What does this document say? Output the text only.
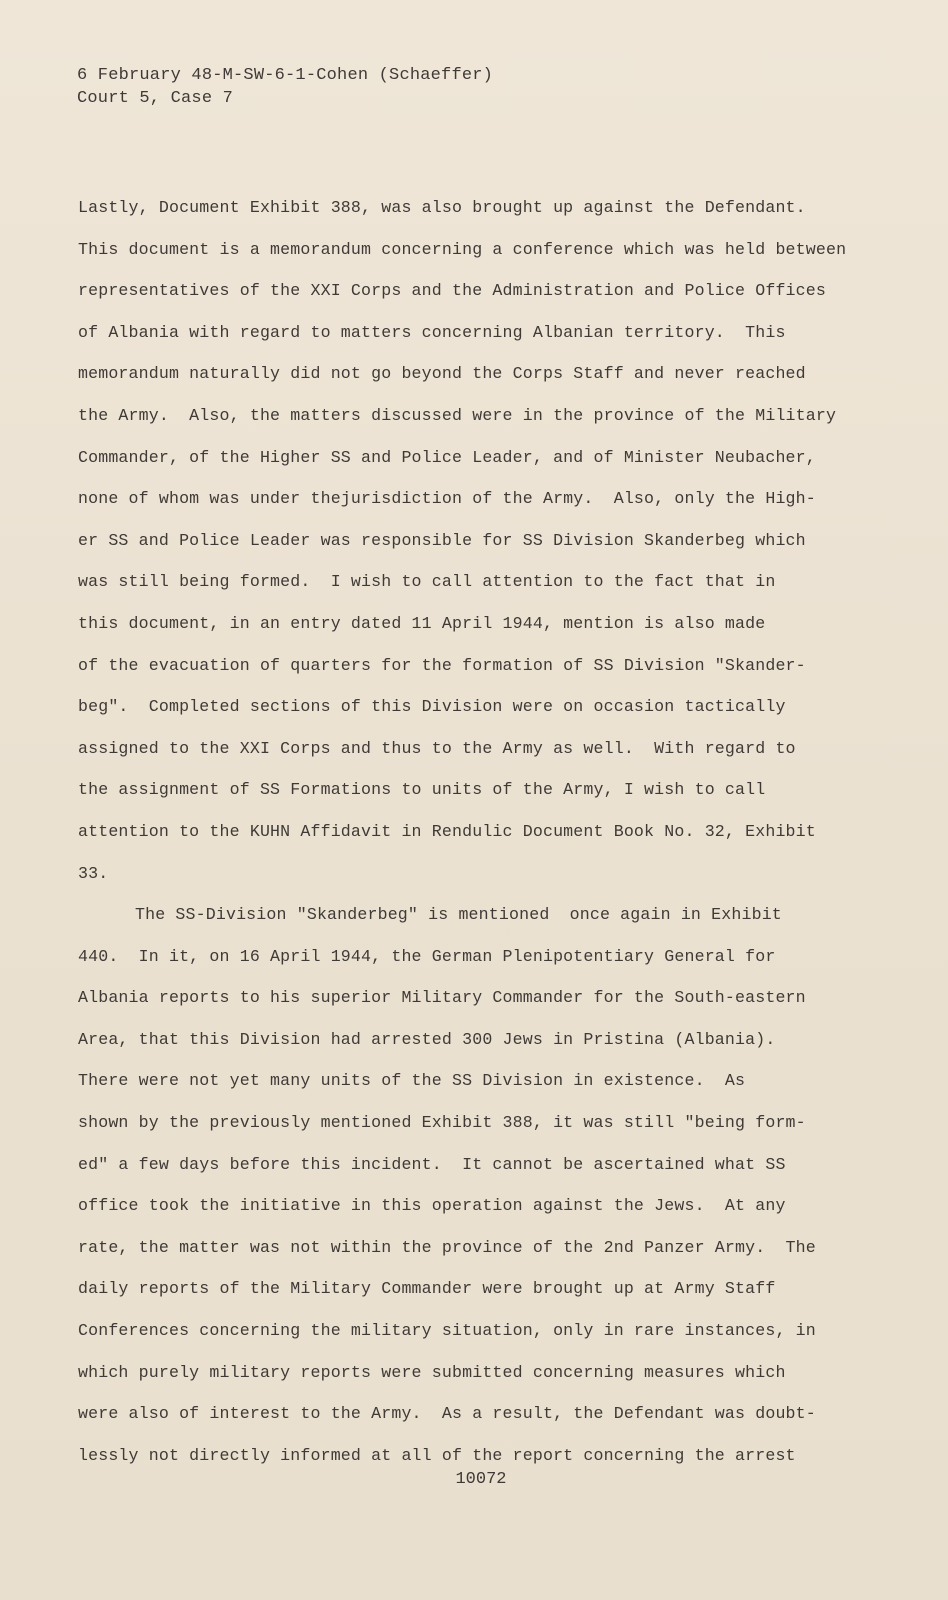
6 February 48-M-SW-6-1-Cohen (Schaeffer)
Court 5, Case 7
Lastly, Document Exhibit 388, was also brought up against the Defendant.
This document is a memorandum concerning a conference which was held between
representatives of the XXI Corps and the Administration and Police Offices
of Albania with regard to matters concerning Albanian territory.  This
memorandum naturally did not go beyond the Corps Staff and never reached
the Army.  Also, the matters discussed were in the province of the Military
Commander, of the Higher SS and Police Leader, and of Minister Neubacher,
none of whom was under thejurisdiction of the Army.  Also, only the High-
er SS and Police Leader was responsible for SS Division Skanderbeg which
was still being formed.  I wish to call attention to the fact that in
this document, in an entry dated 11 April 1944, mention is also made
of the evacuation of quarters for the formation of SS Division "Skander-
beg".  Completed sections of this Division were on occasion tactically
assigned to the XXI Corps and thus to the Army as well.  With regard to
the assignment of SS Formations to units of the Army, I wish to call
attention to the KUHN Affidavit in Rendulic Document Book No. 32, Exhibit
33.
The SS-Division "Skanderbeg" is mentioned  once again in Exhibit
440.  In it, on 16 April 1944, the German Plenipotentiary General for
Albania reports to his superior Military Commander for the South-eastern
Area, that this Division had arrested 300 Jews in Pristina (Albania).
There were not yet many units of the SS Division in existence.  As
shown by the previously mentioned Exhibit 388, it was still "being form-
ed" a few days before this incident.  It cannot be ascertained what SS
office took the initiative in this operation against the Jews.  At any
rate, the matter was not within the province of the 2nd Panzer Army.  The
daily reports of the Military Commander were brought up at Army Staff
Conferences concerning the military situation, only in rare instances, in
which purely military reports were submitted concerning measures which
were also of interest to the Army.  As a result, the Defendant was doubt-
lessly not directly informed at all of the report concerning the arrest
10072
